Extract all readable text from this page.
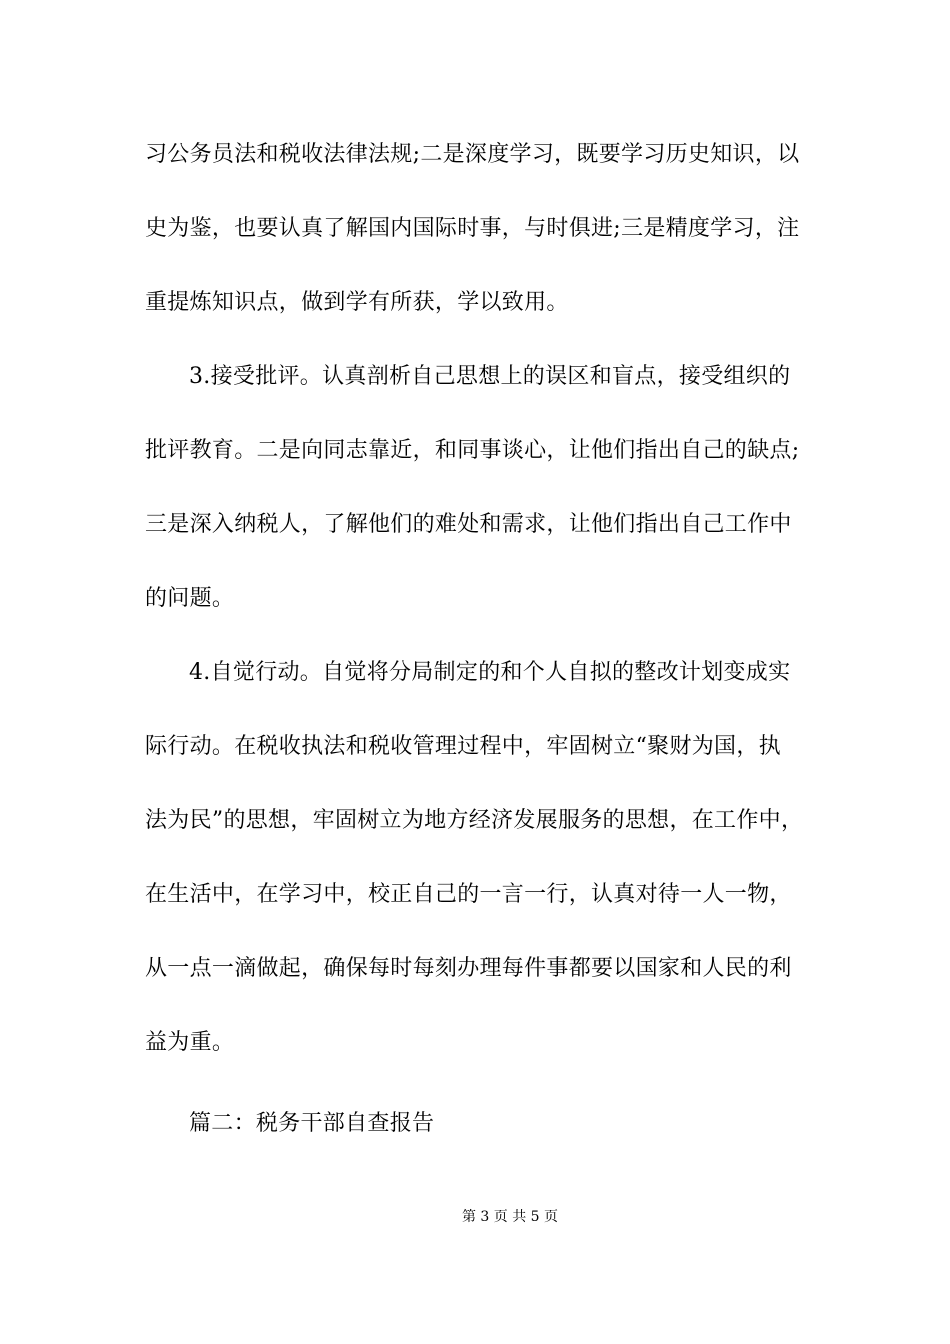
习公务员法和税收法律法规;二是深度学习，既要学习历史知识，以
史为鉴，也要认真了解国内国际时事，与时俱进;三是精度学习，注
重提炼知识点，做到学有所获，学以致用。
3.接受批评。认真剖析自己思想上的误区和盲点，接受组织的
批评教育。二是向同志靠近，和同事谈心，让他们指出自己的缺点;
三是深入纳税人，了解他们的难处和需求，让他们指出自己工作中
的问题。
4.自觉行动。自觉将分局制定的和个人自拟的整改计划变成实
际行动。在税收执法和税收管理过程中，牢固树立“聚财为国，执
法为民”的思想，牢固树立为地方经济发展服务的思想，在工作中，
在生活中，在学习中，校正自己的一言一行，认真对待一人一物，
从一点一滴做起，确保每时每刻办理每件事都要以国家和人民的利
益为重。
篇二：税务干部自查报告
第 3 页 共 5 页
